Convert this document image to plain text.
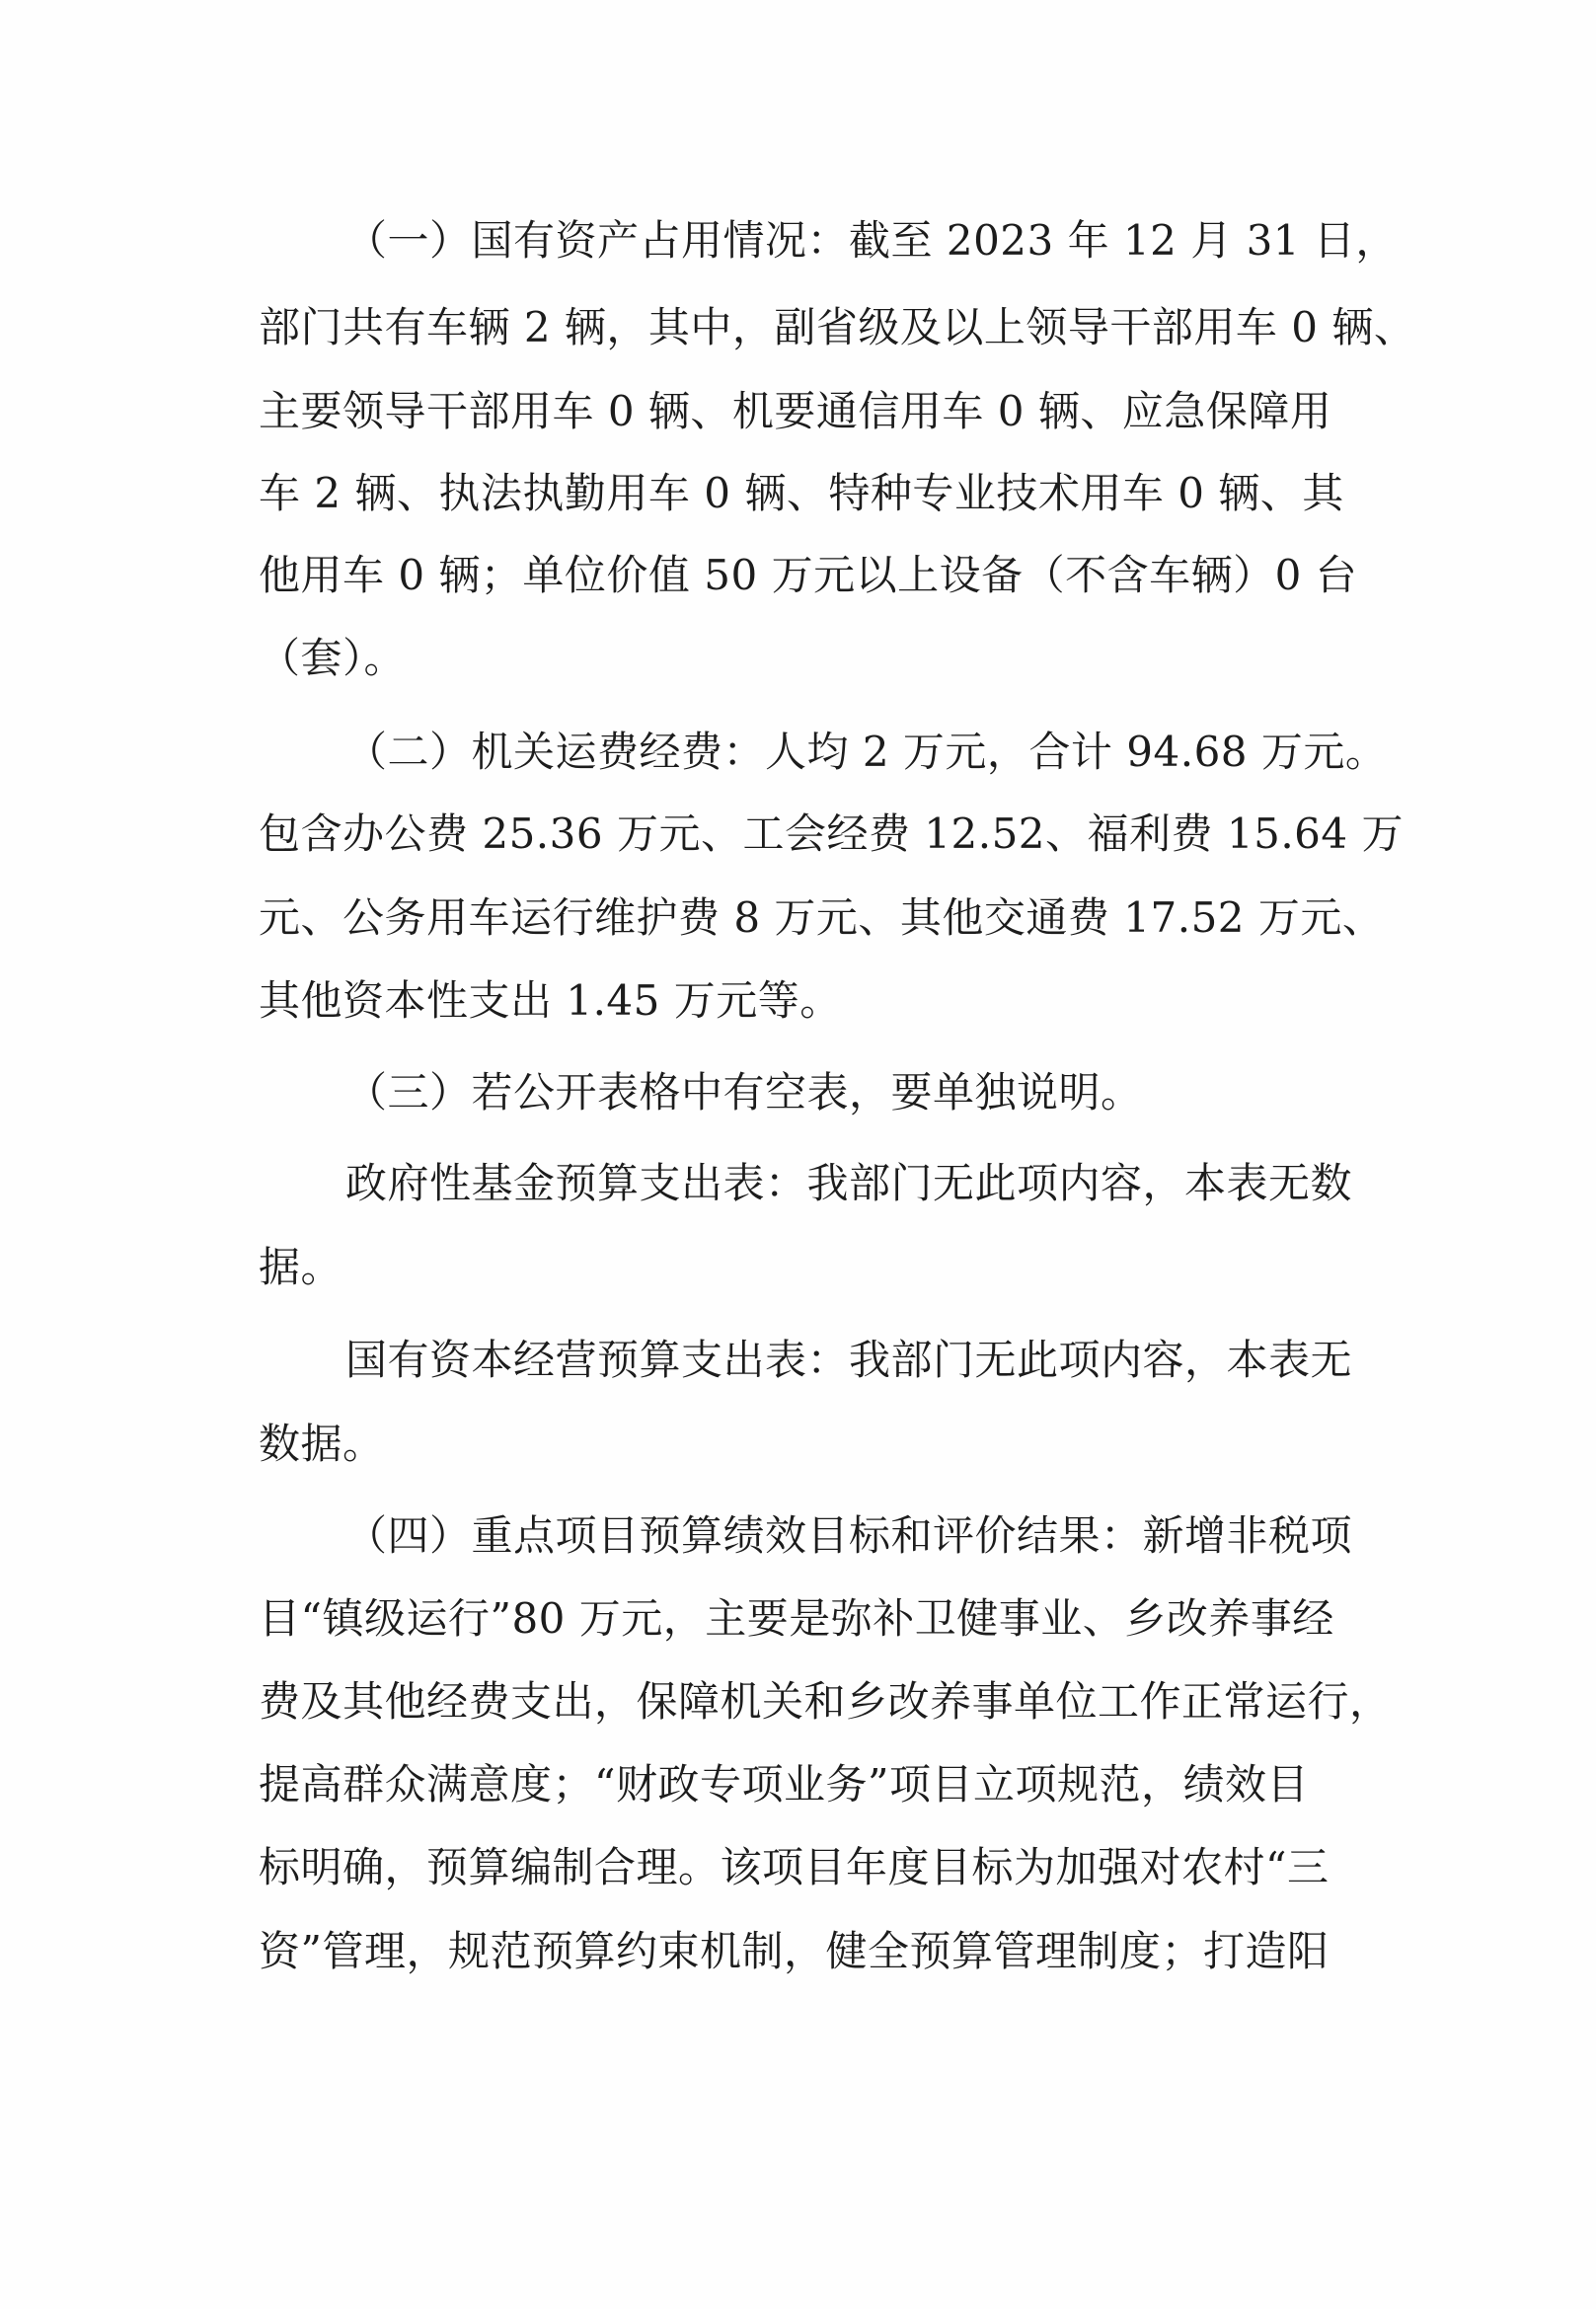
（一）国有资产占用情况：截至 2023 年 12 月 31 日，
部门共有车辆 2 辆，其中，副省级及以上领导干部用车 0 辆、
主要领导干部用车 0 辆、机要通信用车 0 辆、应急保障用
车 2 辆、执法执勤用车 0 辆、特种专业技术用车 0 辆、其
他用车 0 辆；单位价值 50 万元以上设备（不含车辆）0 台
（套）。
（二）机关运费经费：人均 2 万元，合计 94.68 万元。
包含办公费 25.36 万元、工会经费 12.52、福利费 15.64 万
元、公务用车运行维护费 8 万元、其他交通费 17.52 万元、
其他资本性支出 1.45 万元等。
（三）若公开表格中有空表，要单独说明。
政府性基金预算支出表：我部门无此项内容，本表无数
据。
国有资本经营预算支出表：我部门无此项内容，本表无
数据。
（四）重点项目预算绩效目标和评价结果：新增非税项
目“镇级运行”80 万元，主要是弥补卫健事业、乡改养事经
费及其他经费支出，保障机关和乡改养事单位工作正常运行，
提高群众满意度；“财政专项业务”项目立项规范，绩效目
标明确，预算编制合理。该项目年度目标为加强对农村“三
资”管理，规范预算约束机制，健全预算管理制度；打造阳
